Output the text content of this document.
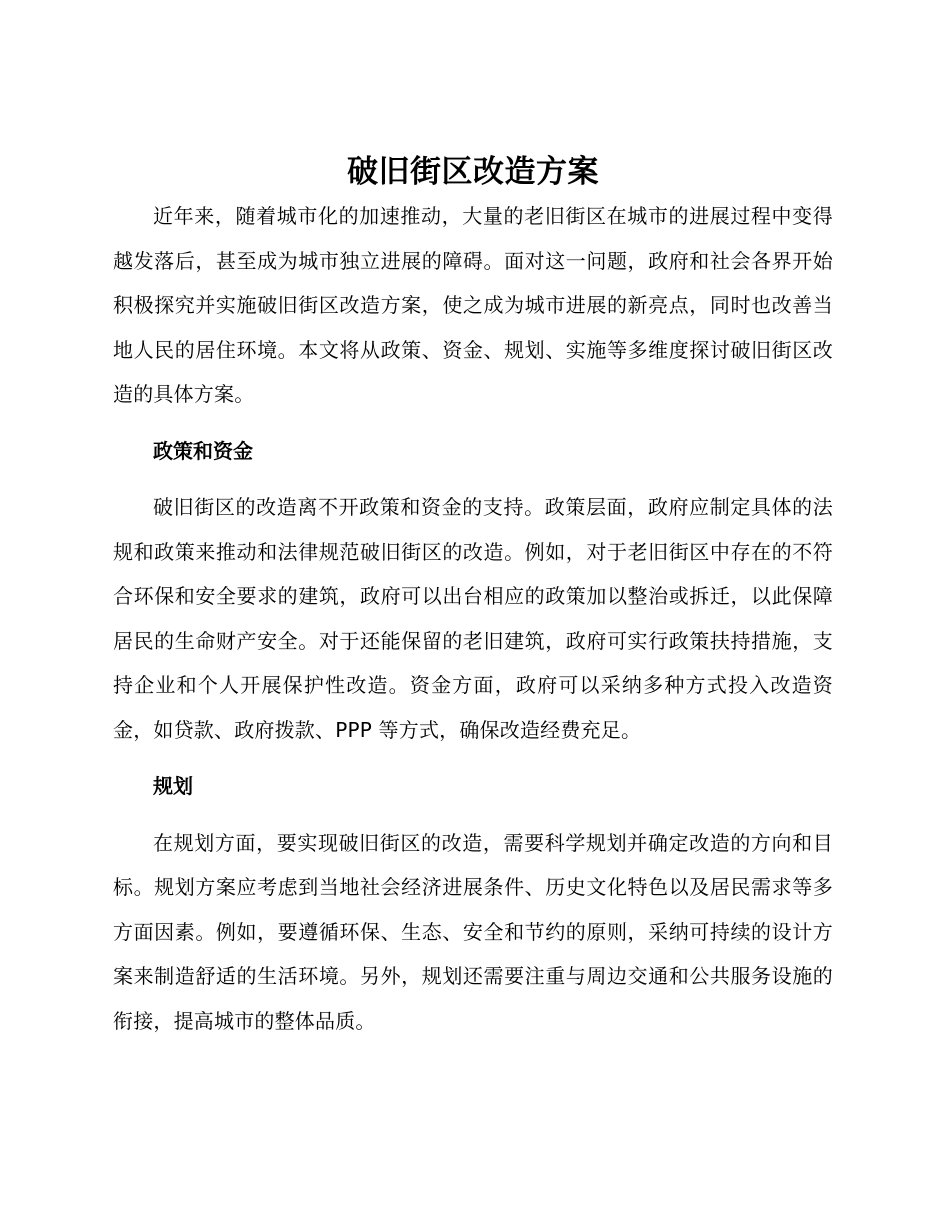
破旧街区改造方案

近年来，随着城市化的加速推动，大量的老旧街区在城市的进展过程中变得越发落后，甚至成为城市独立进展的障碍。面对这一问题，政府和社会各界开始积极探究并实施破旧街区改造方案，使之成为城市进展的新亮点，同时也改善当地人民的居住环境。本文将从政策、资金、规划、实施等多维度探讨破旧街区改造的具体方案。

政策和资金

破旧街区的改造离不开政策和资金的支持。政策层面，政府应制定具体的法规和政策来推动和法律规范破旧街区的改造。例如，对于老旧街区中存在的不符合环保和安全要求的建筑，政府可以出台相应的政策加以整治或拆迁，以此保障居民的生命财产安全。对于还能保留的老旧建筑，政府可实行政策扶持措施，支持企业和个人开展保护性改造。资金方面，政府可以采纳多种方式投入改造资金，如贷款、政府拨款、PPP 等方式，确保改造经费充足。

规划

在规划方面，要实现破旧街区的改造，需要科学规划并确定改造的方向和目标。规划方案应考虑到当地社会经济进展条件、历史文化特色以及居民需求等多方面因素。例如，要遵循环保、生态、安全和节约的原则，采纳可持续的设计方案来制造舒适的生活环境。另外，规划还需要注重与周边交通和公共服务设施的衔接，提高城市的整体品质。
